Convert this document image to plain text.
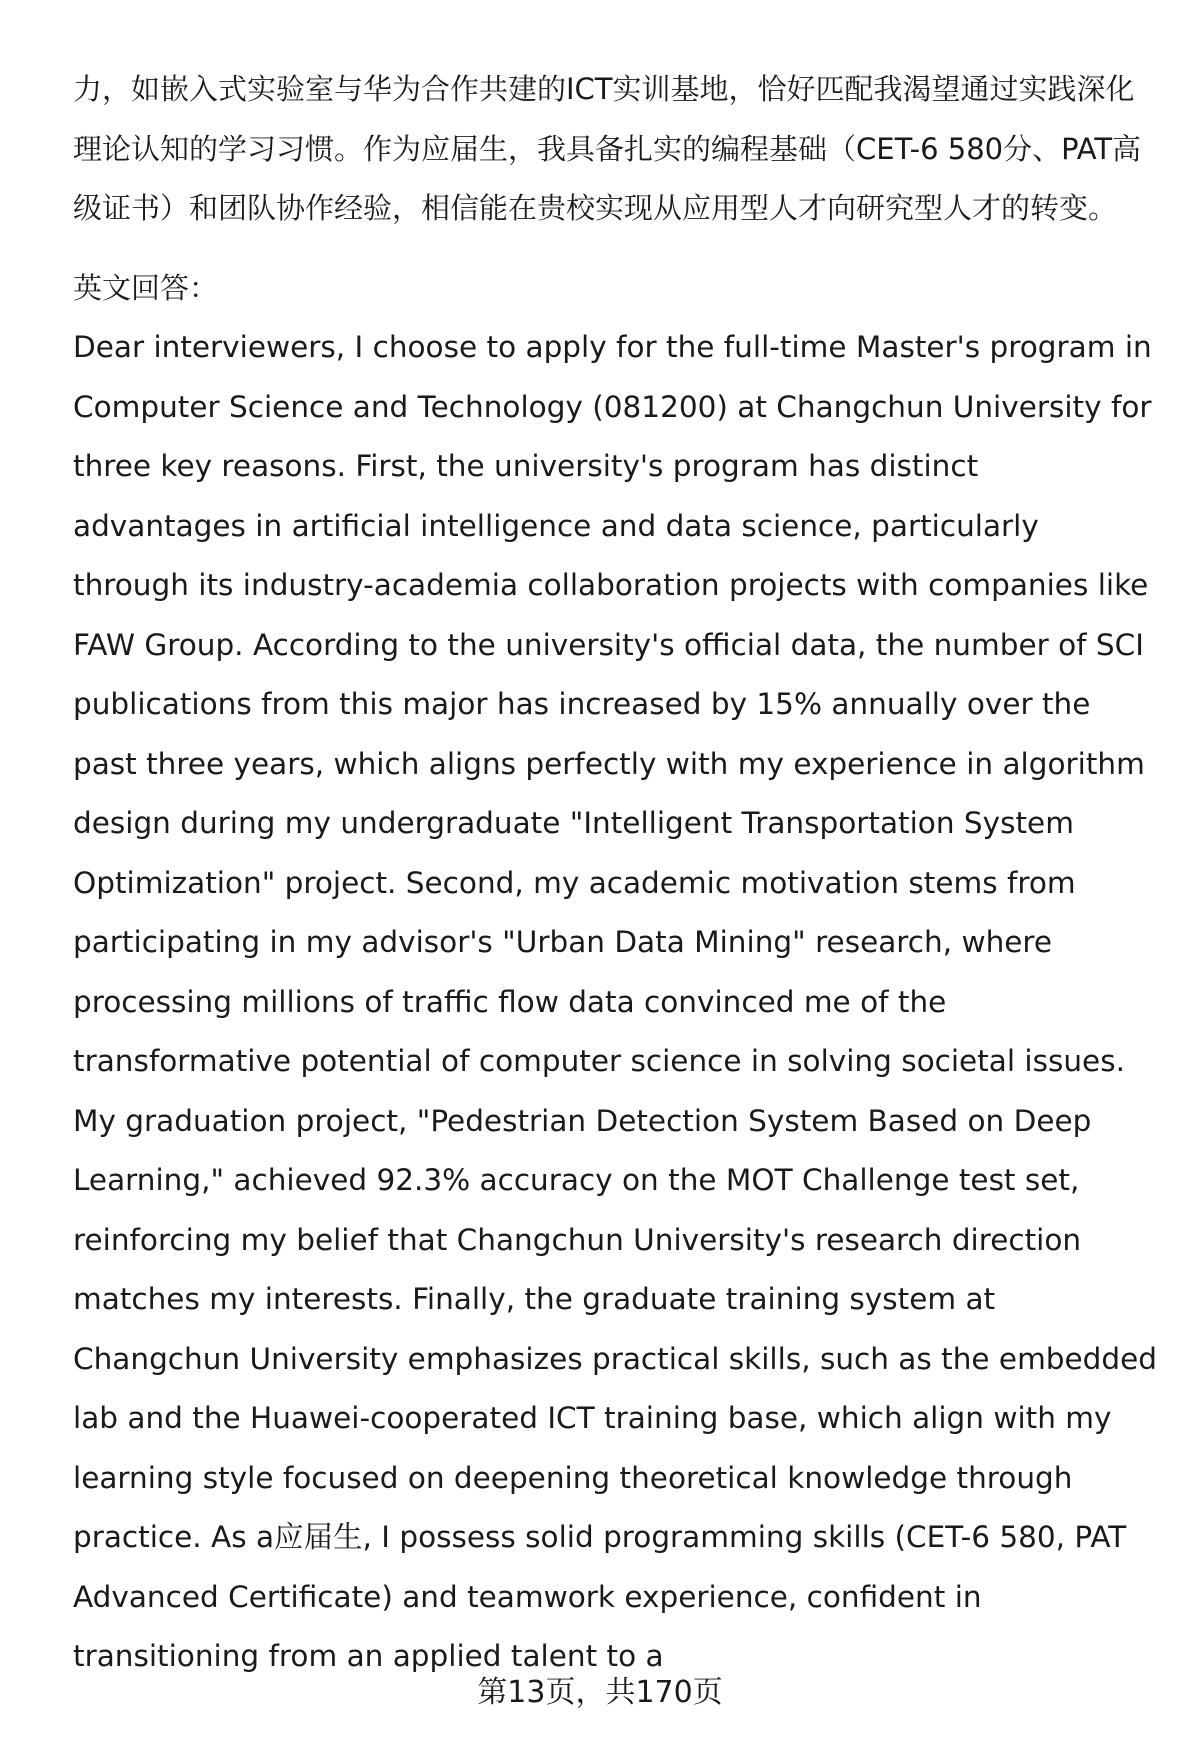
力，如嵌入式实验室与华为合作共建的ICT实训基地，恰好匹配我渴望通过实践深化理论认知的学习习惯。作为应届生，我具备扎实的编程基础（CET-6 580分、PAT高级证书）和团队协作经验，相信能在贵校实现从应用型人才向研究型人才的转变。

英文回答：

Dear interviewers, I choose to apply for the full-time Master's program in Computer Science and Technology (081200) at Changchun University for three key reasons. First, the university's program has distinct advantages in artificial intelligence and data science, particularly through its industry-academia collaboration projects with companies like FAW Group. According to the university's official data, the number of SCI publications from this major has increased by 15% annually over the past three years, which aligns perfectly with my experience in algorithm design during my undergraduate "Intelligent Transportation System Optimization" project. Second, my academic motivation stems from participating in my advisor's "Urban Data Mining" research, where processing millions of traffic flow data convinced me of the transformative potential of computer science in solving societal issues. My graduation project, "Pedestrian Detection System Based on Deep Learning," achieved 92.3% accuracy on the MOT Challenge test set, reinforcing my belief that Changchun University's research direction matches my interests. Finally, the graduate training system at Changchun University emphasizes practical skills, such as the embedded lab and the Huawei-cooperated ICT training base, which align with my learning style focused on deepening theoretical knowledge through practice. As a应届生, I possess solid programming skills (CET-6 580, PAT Advanced Certificate) and teamwork experience, confident in transitioning from an applied talent to a

第13页，共170页
